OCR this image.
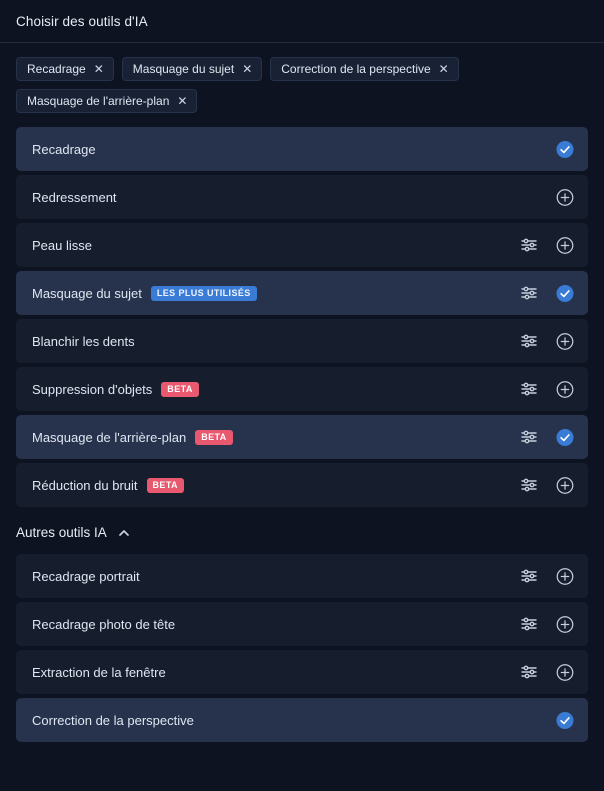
Choisir des outils d'IA
Recadrage ✕ Masquage du sujet ✕ Correction de la perspective ✕
Masquage de l'arrière-plan ✕
Recadrage
Redressement
Peau lisse
Masquage du sujet	LES PLUS UTILISÉS
Blanchir les dents
Suppression d'objets	BETA
Masquage de l'arrière-plan	BETA
Réduction du bruit	BETA
Autres outils IA
Recadrage portrait
Recadrage photo de tête
Extraction de la fenêtre
Correction de la perspective
